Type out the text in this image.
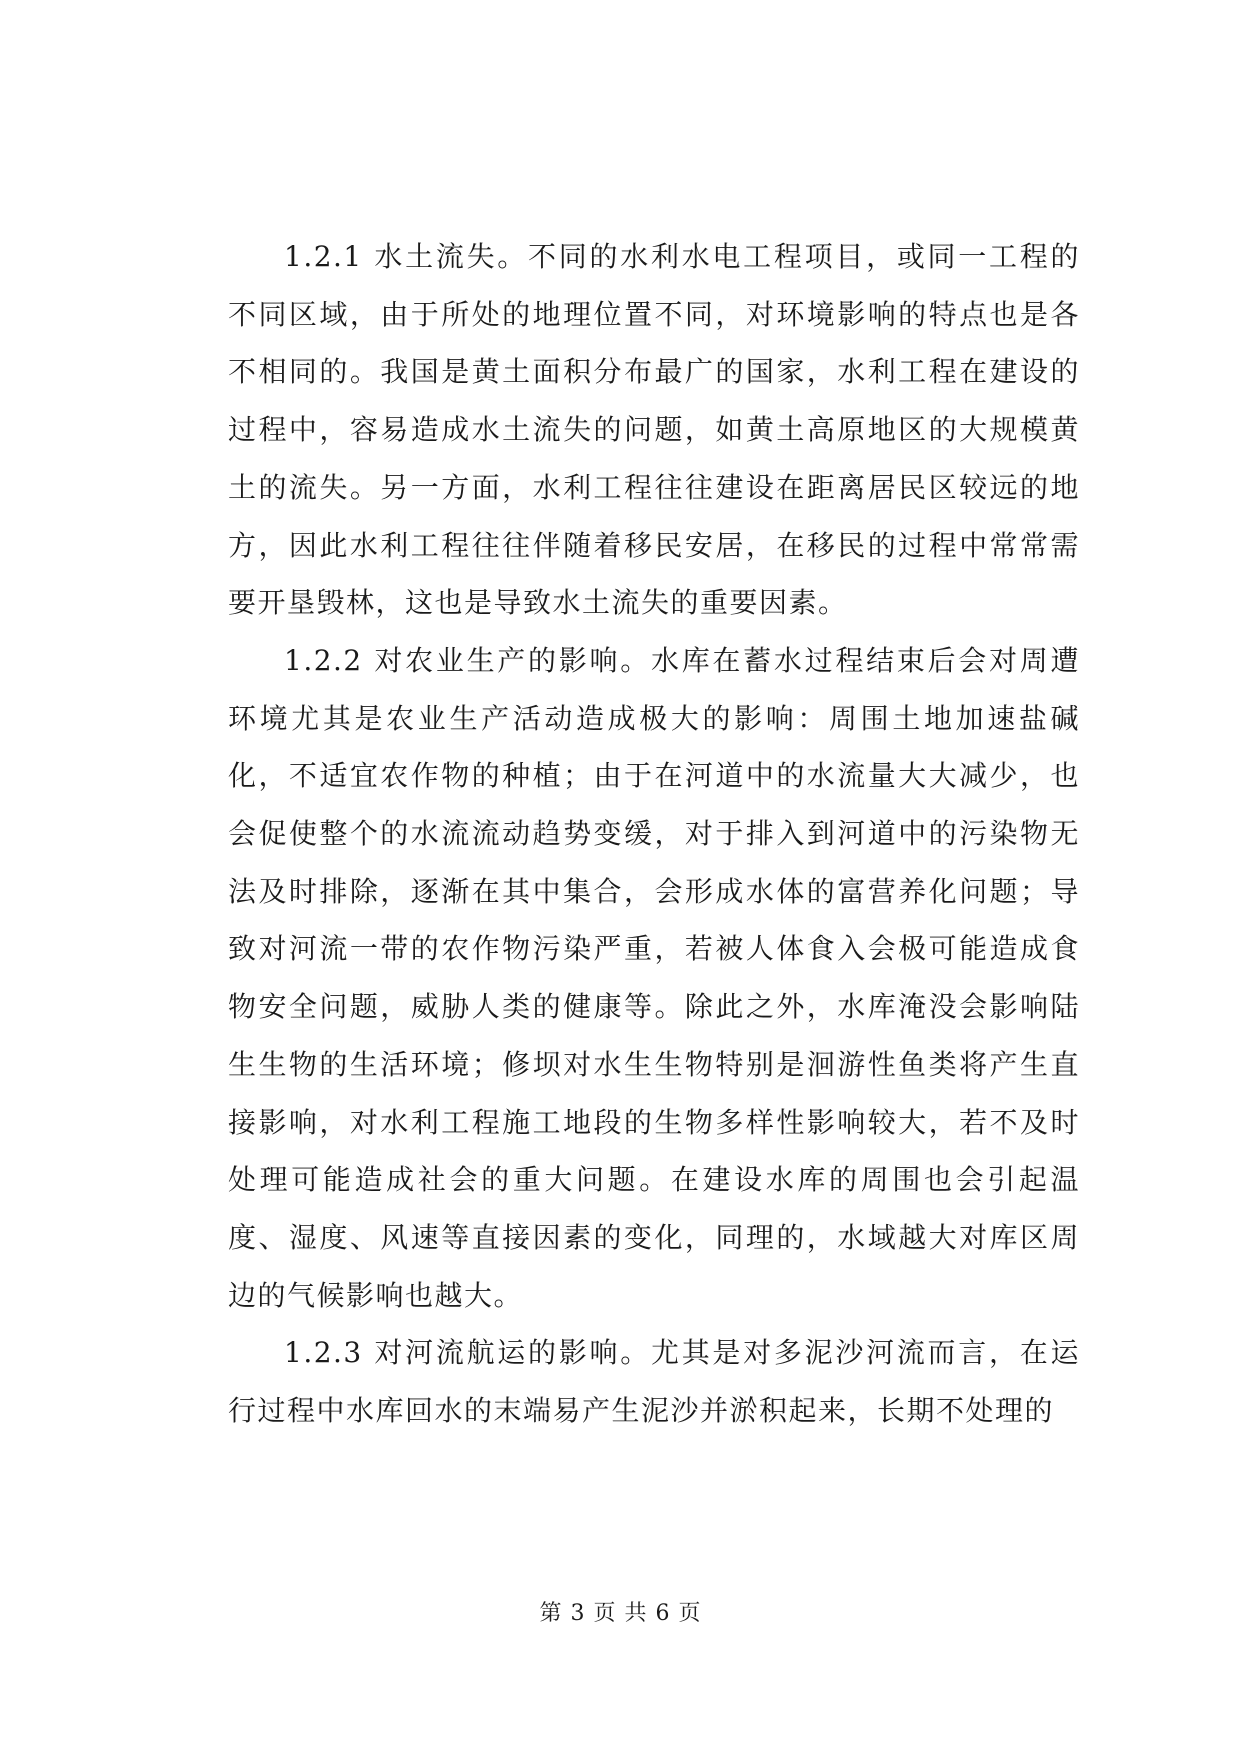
1.2.1 水土流失。不同的水利水电工程项目，或同一工程的不同区域，由于所处的地理位置不同，对环境影响的特点也是各不相同的。我国是黄土面积分布最广的国家，水利工程在建设的过程中，容易造成水土流失的问题，如黄土高原地区的大规模黄土的流失。另一方面，水利工程往往建设在距离居民区较远的地方，因此水利工程往往伴随着移民安居，在移民的过程中常常需要开垦毁林，这也是导致水土流失的重要因素。

1.2.2 对农业生产的影响。水库在蓄水过程结束后会对周遭环境尤其是农业生产活动造成极大的影响：周围土地加速盐碱化，不适宜农作物的种植；由于在河道中的水流量大大减少，也会促使整个的水流流动趋势变缓，对于排入到河道中的污染物无法及时排除，逐渐在其中集合，会形成水体的富营养化问题；导致对河流一带的农作物污染严重，若被人体食入会极可能造成食物安全问题，威胁人类的健康等。除此之外，水库淹没会影响陆生生物的生活环境；修坝对水生生物特别是洄游性鱼类将产生直接影响，对水利工程施工地段的生物多样性影响较大，若不及时处理可能造成社会的重大问题。在建设水库的周围也会引起温度、湿度、风速等直接因素的变化，同理的，水域越大对库区周边的气候影响也越大。

1.2.3 对河流航运的影响。尤其是对多泥沙河流而言，在运行过程中水库回水的末端易产生泥沙并淤积起来，长期不处理的

第 3 页 共 6 页
